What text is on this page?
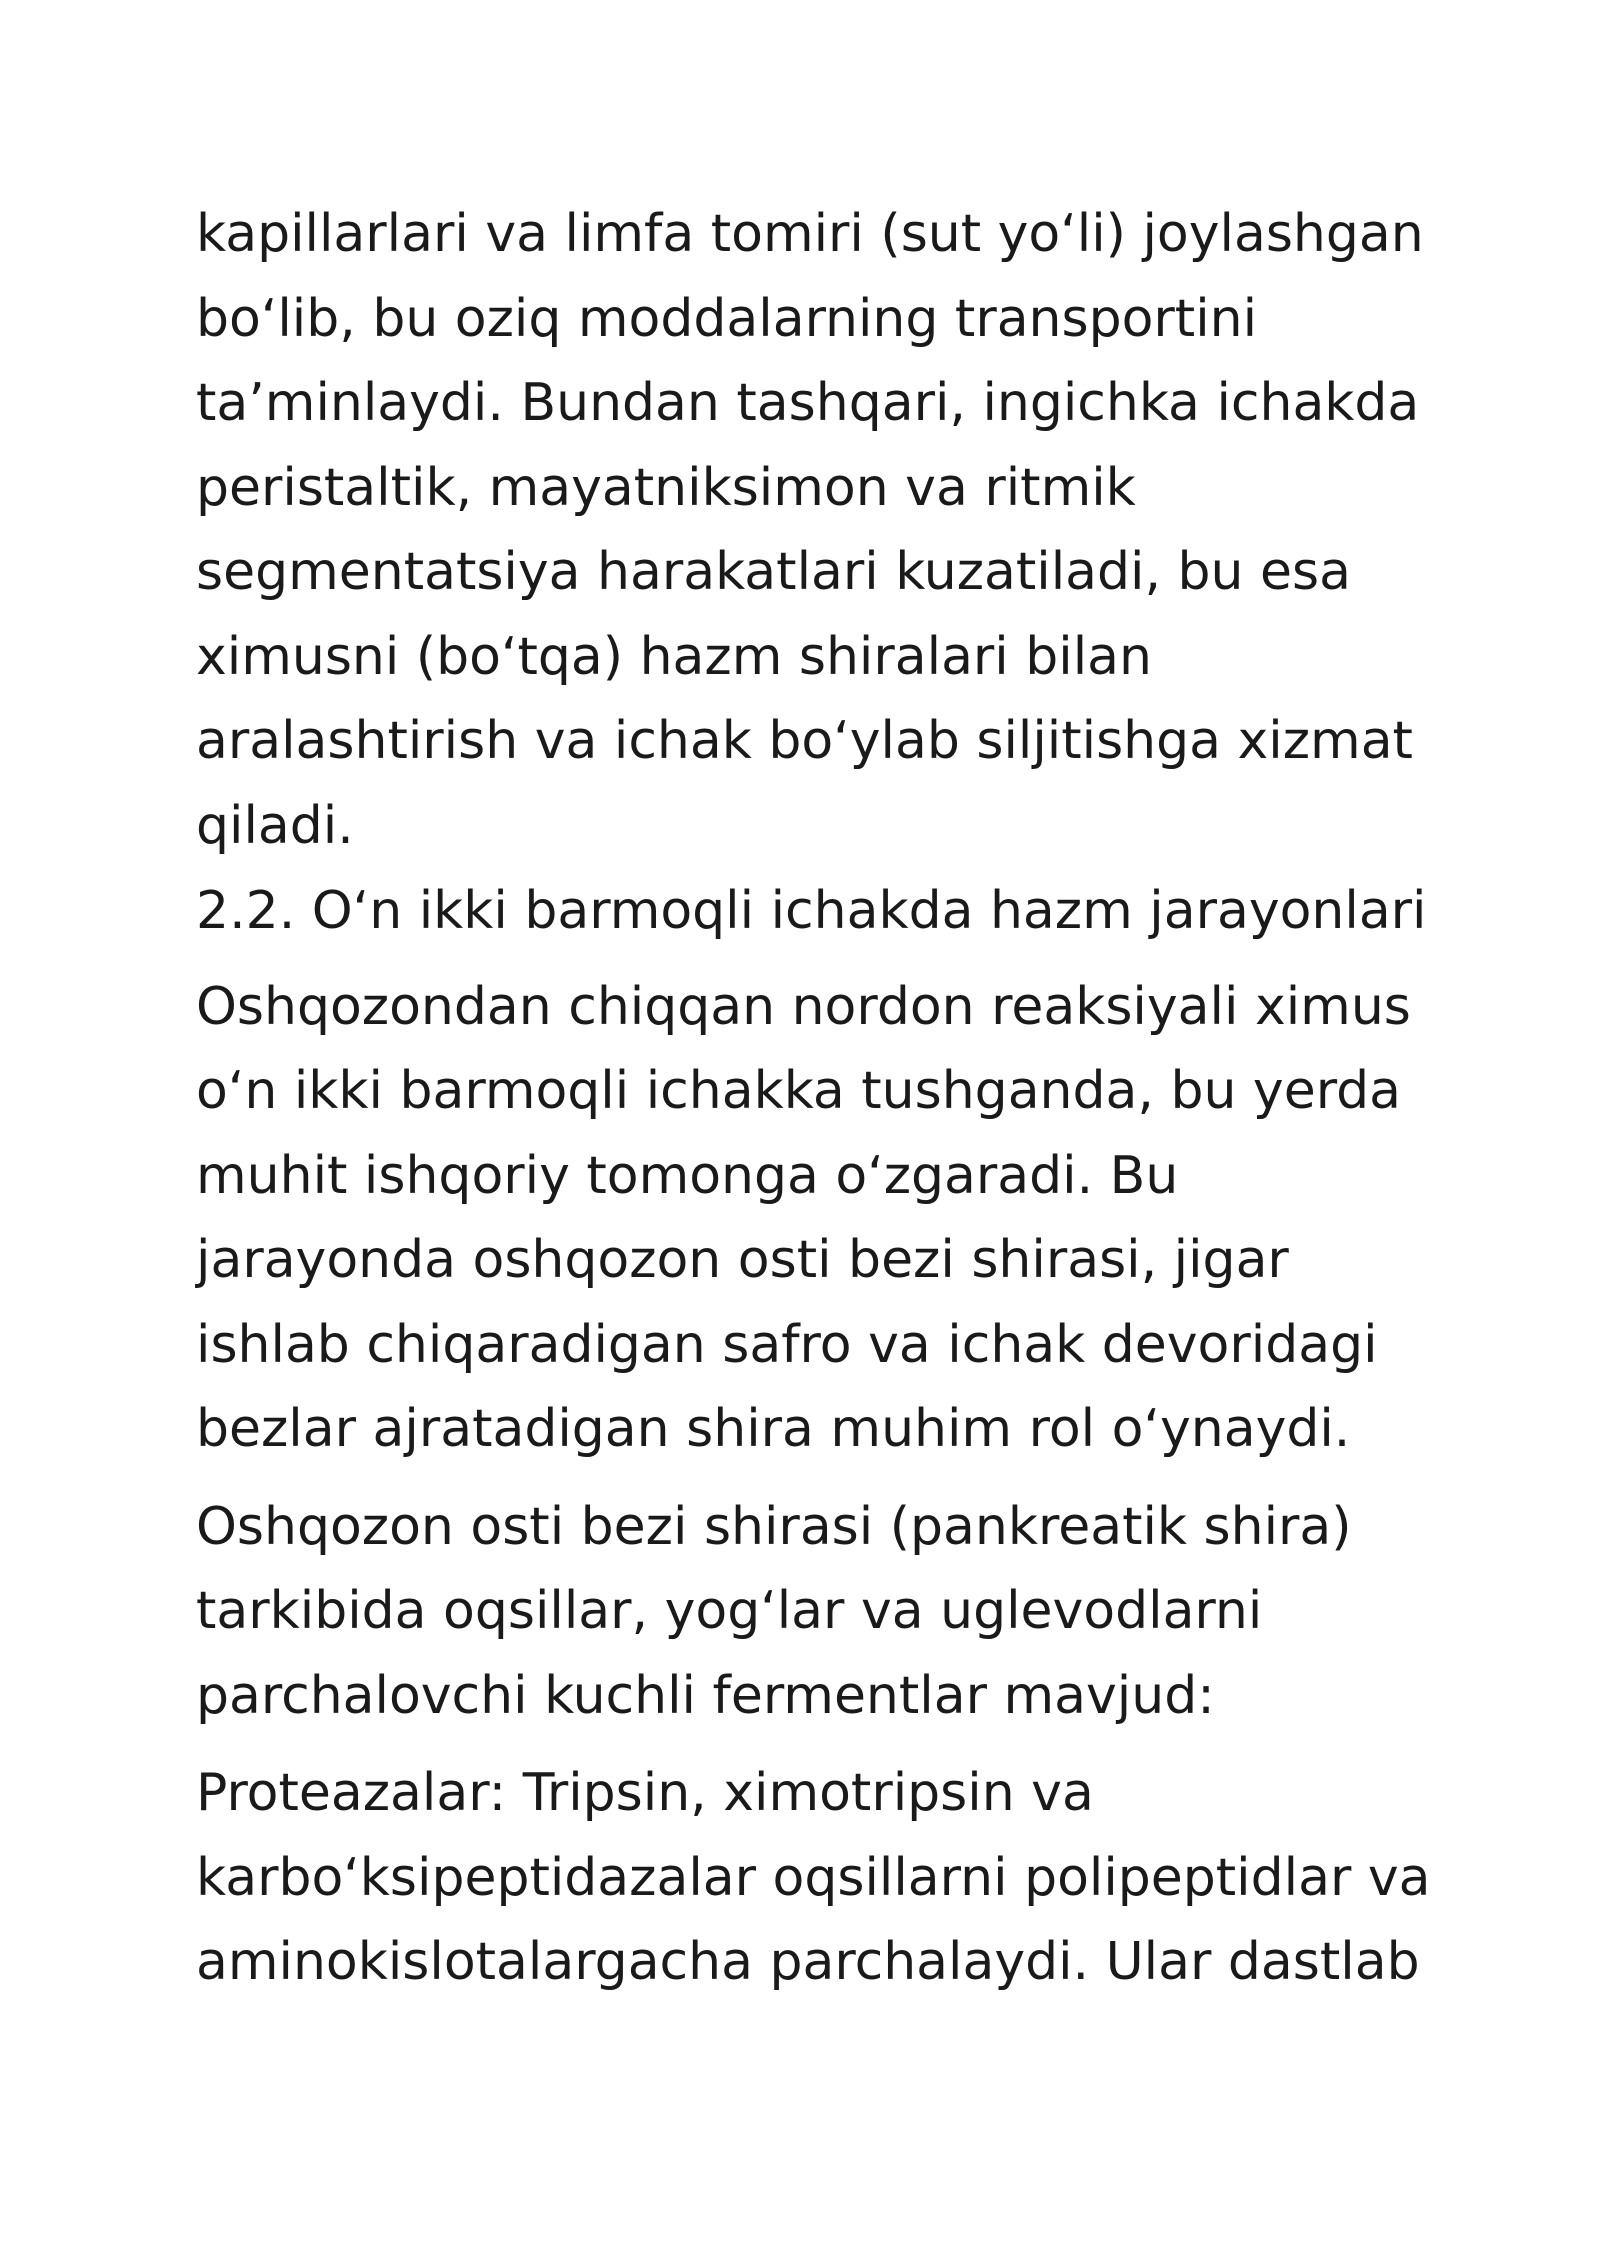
kapillarlari va limfa tomiri (sut yo‘li) joylashgan
bo‘lib, bu oziq moddalarning transportini
ta’minlaydi. Bundan tashqari, ingichka ichakda
peristaltik, mayatniksimon va ritmik
segmentatsiya harakatlari kuzatiladi, bu esa
ximusni (bo‘tqa) hazm shiralari bilan
aralashtirish va ichak bo‘ylab siljitishga xizmat
qiladi.

2.2. O‘n ikki barmoqli ichakda hazm jarayonlari

Oshqozondan chiqqan nordon reaksiyali ximus
o‘n ikki barmoqli ichakka tushganda, bu yerda
muhit ishqoriy tomonga o‘zgaradi. Bu
jarayonda oshqozon osti bezi shirasi, jigar
ishlab chiqaradigan safro va ichak devoridagi
bezlar ajratadigan shira muhim rol o‘ynaydi.

Oshqozon osti bezi shirasi (pankreatik shira)
tarkibida oqsillar, yog‘lar va uglevodlarni
parchalovchi kuchli fermentlar mavjud:

Proteazalar: Tripsin, ximotripsin va
karbo‘ksipeptidazalar oqsillarni polipeptidlar va
aminokislotalargacha parchalaydi. Ular dastlab
